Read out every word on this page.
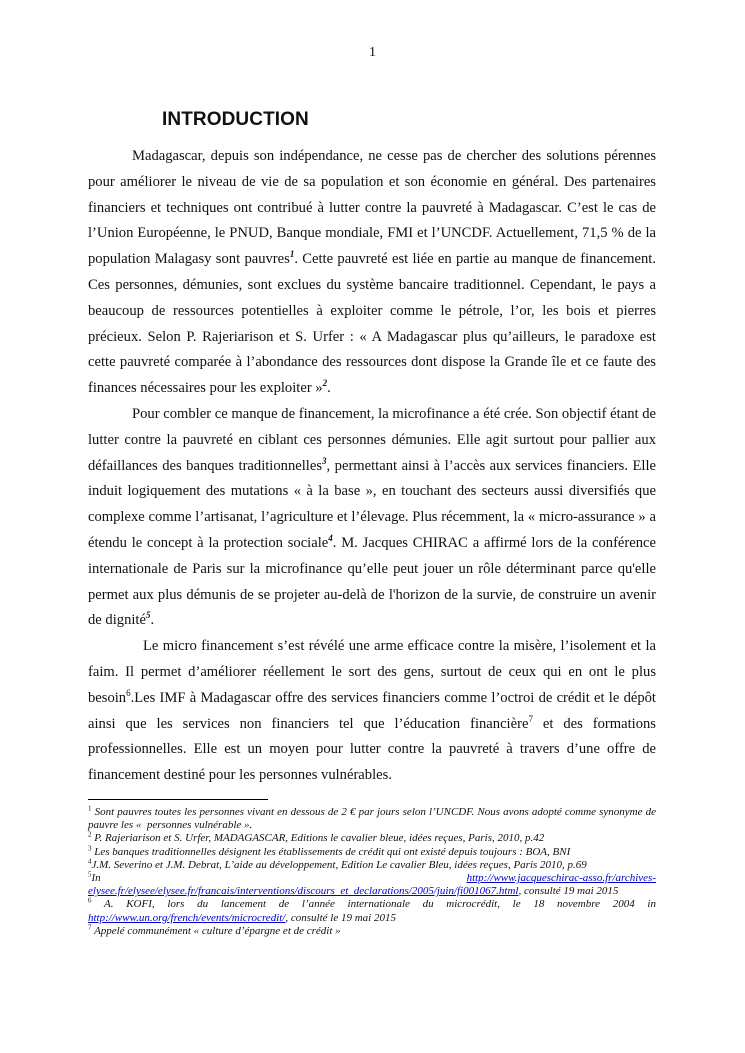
1
INTRODUCTION

Madagascar, depuis son indépendance, ne cesse pas de chercher des solutions pérennes pour améliorer le niveau de vie de sa population et son économie en général. Des partenaires financiers et techniques ont contribué à lutter contre la pauvreté à Madagascar. C’est le cas de l’Union Européenne, le PNUD, Banque mondiale, FMI et l’UNCDF. Actuellement, 71,5 % de la population Malagasy sont pauvres$^1$. Cette pauvreté est liée en partie au manque de financement. Ces personnes, démunies, sont exclues du système bancaire traditionnel. Cependant, le pays a beaucoup de ressources potentielles à exploiter comme le pétrole, l’or, les bois et pierres précieux. Selon P. Rajeriarison et S. Urfer : « A Madagascar plus qu’ailleurs, le paradoxe est cette pauvreté comparée à l’abondance des ressources dont dispose la Grande île et ce faute des finances nécessaires pour les exploiter »$^2$.

Pour combler ce manque de financement, la microfinance a été crée. Son objectif étant de lutter contre la pauvreté en ciblant ces personnes démunies. Elle agit surtout pour pallier aux défaillances des banques traditionnelles$^3$, permettant ainsi à l’accès aux services financiers. Elle induit logiquement des mutations « à la base », en touchant des secteurs aussi diversifiés que complexe comme l’artisanat, l’agriculture et l’élevage. Plus récemment, la « micro-assurance » a étendu le concept à la protection sociale$^4$. M. Jacques CHIRAC a affirmé lors de la conférence internationale de Paris sur la microfinance qu’elle peut jouer un rôle déterminant parce qu'elle permet aux plus démunis de se projeter au-delà de l'horizon de la survie, de construire un avenir de dignité$^5$.

Le micro financement s’est révélé une arme efficace contre la misère, l’isolement et la faim. Il permet d’améliorer réellement le sort des gens, surtout de ceux qui en ont le plus besoin$^6$.Les IMF à Madagascar offre des services financiers comme l’octroi de crédit et le dépôt ainsi que les services non financiers tel que l’éducation financière$^7$ et des formations professionnelles. Elle est un moyen pour lutter contre la pauvreté à travers d’une offre de financement destiné pour les personnes vulnérables.

$^1$ Sont pauvres toutes les personnes vivant en dessous de 2 € par jours selon l’UNCDF. Nous avons adopté comme synonyme de pauvre les «  personnes vulnérable ».

$^2$ P. Rajeriarison et S. Urfer, MADAGASCAR, Editions le cavalier bleue, idées reçues, Paris, 2010, p.42

$^3$ Les banques traditionnelles désignent les établissements de crédit qui ont existé depuis toujours : BOA, BNI

$^4$J.M. Severino et J.M. Debrat, L’aide au développement, Edition Le cavalier Bleu, idées reçues, Paris 2010, p.69

$^5$In http://www.jacqueschirac-asso.fr/archives-elysee.fr/elysee/elysee.fr/francais/interventions/discours_et_declarations/2005/juin/fi001067.html, consulté 19 mai 2015

$^6$ A. KOFI, lors du lancement de l’année internationale du microcrédit, le 18 novembre 2004 in http://www.un.org/french/events/microcredit/, consulté le 19 mai 2015

$^7$ Appelé communément « culture d’épargne et de crédit »
